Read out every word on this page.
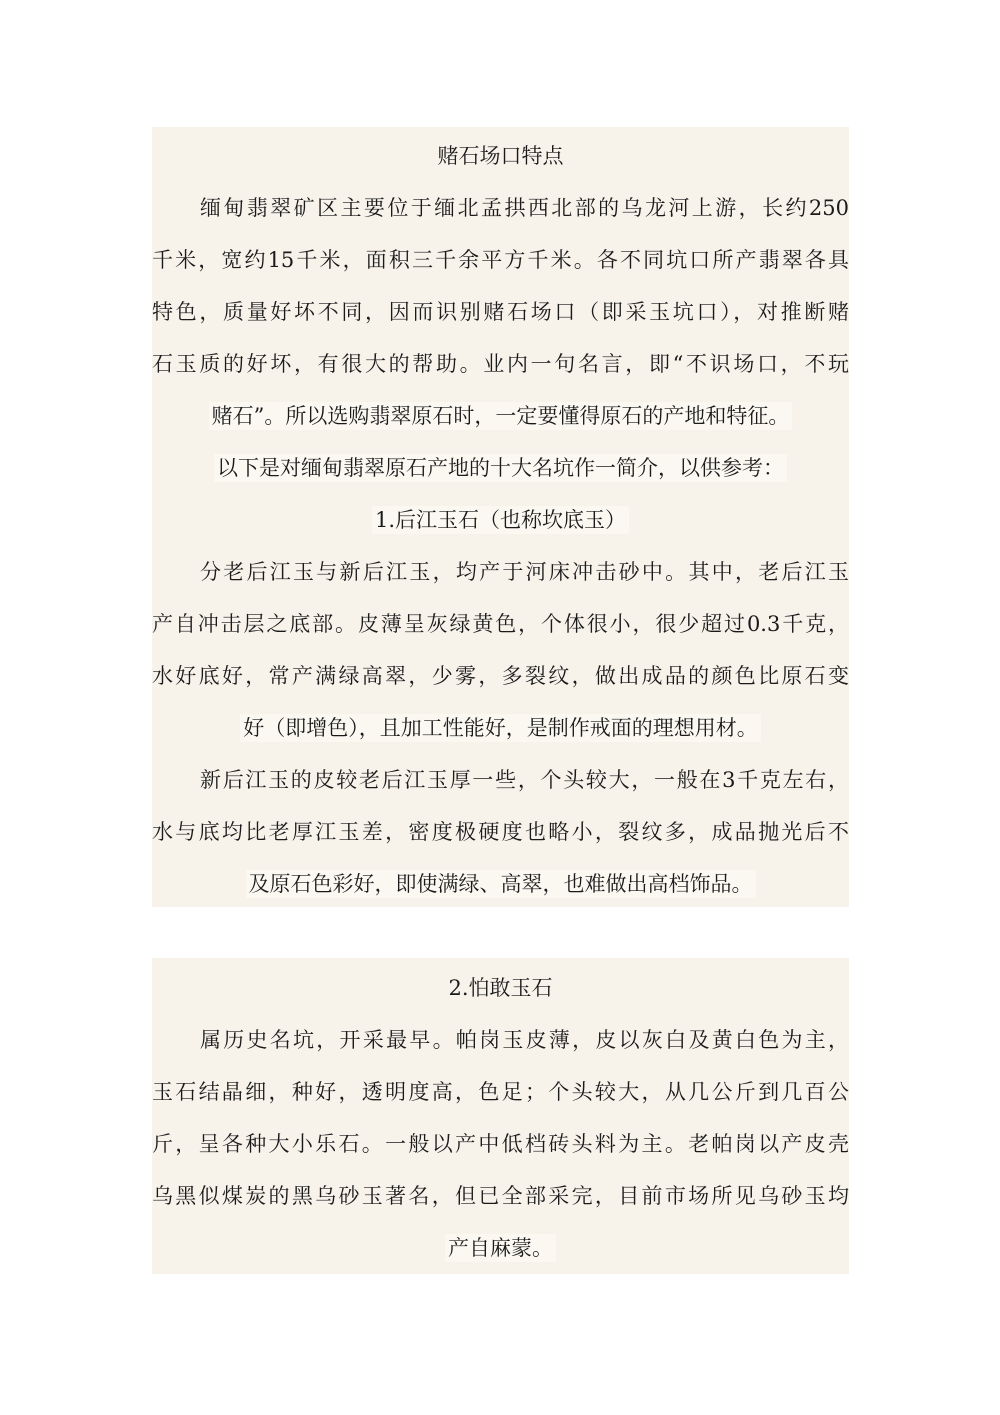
赌石场口特点
缅甸翡翠矿区主要位于缅北孟拱西北部的乌龙河上游，长约250
千米，宽约15千米，面积三千余平方千米。各不同坑口所产翡翠各具
特色，质量好坏不同，因而识别赌石场口（即采玉坑口），对推断赌
石玉质的好坏，有很大的帮助。业内一句名言，即“不识场口，不玩
赌石”。所以选购翡翠原石时，一定要懂得原石的产地和特征。
以下是对缅甸翡翠原石产地的十大名坑作一简介，以供参考：
1.后江玉石（也称坎底玉）
分老后江玉与新后江玉，均产于河床冲击砂中。其中，老后江玉
产自冲击层之底部。皮薄呈灰绿黄色，个体很小，很少超过0.3千克，
水好底好，常产满绿高翠，少雾，多裂纹，做出成品的颜色比原石变
好（即增色），且加工性能好，是制作戒面的理想用材。
新后江玉的皮较老后江玉厚一些，个头较大，一般在3千克左右，
水与底均比老厚江玉差，密度极硬度也略小，裂纹多，成品抛光后不
及原石色彩好，即使满绿、高翠，也难做出高档饰品。
2.怕敢玉石
属历史名坑，开采最早。帕岗玉皮薄，皮以灰白及黄白色为主，
玉石结晶细，种好，透明度高，色足；个头较大，从几公斤到几百公
斤，呈各种大小乐石。一般以产中低档砖头料为主。老帕岗以产皮壳
乌黑似煤炭的黑乌砂玉著名，但已全部采完，目前市场所见乌砂玉均
产自麻蒙。
